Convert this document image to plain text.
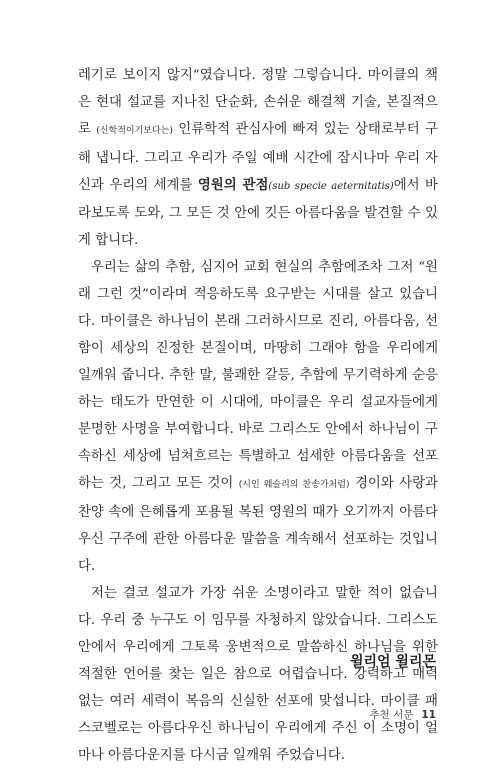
레기로 보이지 않지”였습니다. 정말 그렇습니다. 마이클의 책은 현대 설교를 지나친 단순화, 손쉬운 해결책 기술, 본질적으로 (신학적이기보다는) 인류학적 관심사에 빠져 있는 상태로부터 구해 냅니다. 그리고 우리가 주일 예배 시간에 잠시나마 우리 자신과 우리의 세계를 영원의 관점(sub specie aeternitatis)에서 바라보도록 도와, 그 모든 것 안에 깃든 아름다움을 발견할 수 있게 합니다.

우리는 삶의 추함, 심지어 교회 현실의 추함에조차 그저 “원래 그런 것”이라며 적응하도록 요구받는 시대를 살고 있습니다. 마이클은 하나님이 본래 그러하시므로 진리, 아름다움, 선함이 세상의 진정한 본질이며, 마땅히 그래야 함을 우리에게 일깨워 줍니다. 추한 말, 불쾌한 갈등, 추함에 무기력하게 순응하는 태도가 만연한 이 시대에, 마이클은 우리 설교자들에게 분명한 사명을 부여합니다. 바로 그리스도 안에서 하나님이 구속하신 세상에 넘쳐흐르는 특별하고 섬세한 아름다움을 선포하는 것, 그리고 모든 것이 (시인 웨슬리의 찬송가처럼) 경이와 사랑과 찬양 속에 은혜롭게 포용될 복된 영원의 때가 오기까지 아름다우신 구주에 관한 아름다운 말씀을 계속해서 선포하는 것입니다.

저는 결코 설교가 가장 쉬운 소명이라고 말한 적이 없습니다. 우리 중 누구도 이 임무를 자청하지 않았습니다. 그리스도 안에서 우리에게 그토록 웅변적으로 말씀하신 하나님을 위한 적절한 언어를 찾는 일은 참으로 어렵습니다. 강력하고 매력 없는 여러 세력이 복음의 신실한 선포에 맞섭니다. 마이클 패스코벨로는 아름다우신 하나님이 우리에게 주신 이 소명이 얼마나 아름다운지를 다시금 일깨워 주었습니다.

윌리엄 윌리몬
추천 서문 11
